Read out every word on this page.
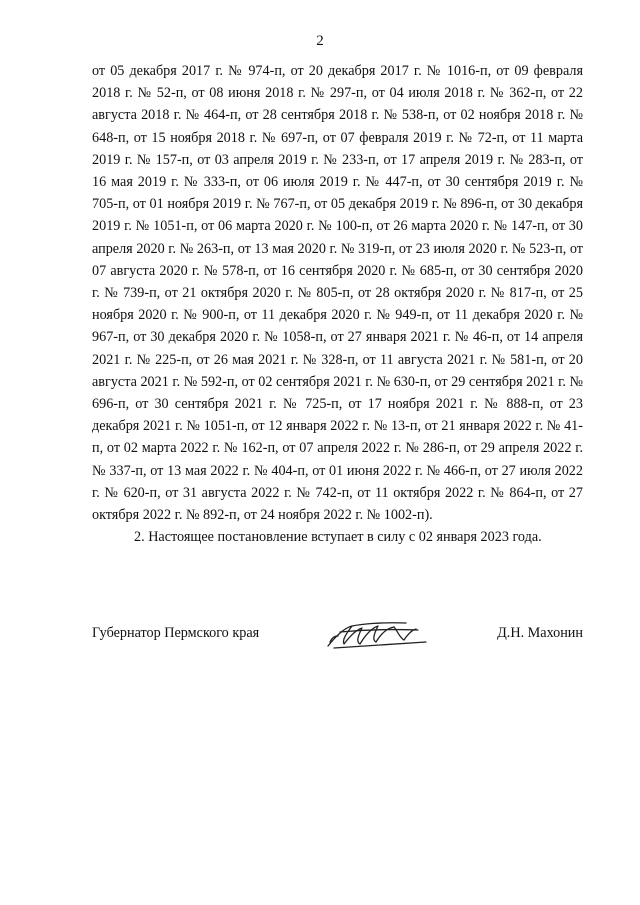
2

от 05 декабря 2017 г. № 974-п, от 20 декабря 2017 г. № 1016-п, от 09 февраля 2018 г. № 52-п, от 08 июня 2018 г. № 297-п, от 04 июля 2018 г. № 362-п, от 22 августа 2018 г. № 464-п, от 28 сентября 2018 г. № 538-п, от 02 ноября 2018 г. № 648-п, от 15 ноября 2018 г. № 697-п, от 07 февраля 2019 г. № 72-п, от 11 марта 2019 г. № 157-п, от 03 апреля 2019 г. № 233-п, от 17 апреля 2019 г. № 283-п, от 16 мая 2019 г. № 333-п, от 06 июля 2019 г. № 447-п, от 30 сентября 2019 г. № 705-п, от 01 ноября 2019 г. № 767-п, от 05 декабря 2019 г. № 896-п, от 30 декабря 2019 г. № 1051-п, от 06 марта 2020 г. № 100-п, от 26 марта 2020 г. № 147-п, от 30 апреля 2020 г. № 263-п, от 13 мая 2020 г. № 319-п, от 23 июля 2020 г. № 523-п, от 07 августа 2020 г. № 578-п, от 16 сентября 2020 г. № 685-п, от 30 сентября 2020 г. № 739-п, от 21 октября 2020 г. № 805-п, от 28 октября 2020 г. № 817-п, от 25 ноября 2020 г. № 900-п, от 11 декабря 2020 г. № 949-п, от 11 декабря 2020 г. № 967-п, от 30 декабря 2020 г. № 1058-п, от 27 января 2021 г. № 46-п, от 14 апреля 2021 г. № 225-п, от 26 мая 2021 г. № 328-п, от 11 августа 2021 г. № 581-п, от 20 августа 2021 г. № 592-п, от 02 сентября 2021 г. № 630-п, от 29 сентября 2021 г. № 696-п, от 30 сентября 2021 г. № 725-п, от 17 ноября 2021 г. № 888-п, от 23 декабря 2021 г. № 1051-п, от 12 января 2022 г. № 13-п, от 21 января 2022 г. № 41-п, от 02 марта 2022 г. № 162-п, от 07 апреля 2022 г. № 286-п, от 29 апреля 2022 г. № 337-п, от 13 мая 2022 г. № 404-п, от 01 июня 2022 г. № 466-п, от 27 июля 2022 г. № 620-п, от 31 августа 2022 г. № 742-п, от 11 октября 2022 г. № 864-п, от 27 октября 2022 г. № 892-п, от 24 ноября 2022 г. № 1002-п).

2. Настоящее постановление вступает в силу с 02 января 2023 года.

Губернатор Пермского края	Д.Н. Махонин
